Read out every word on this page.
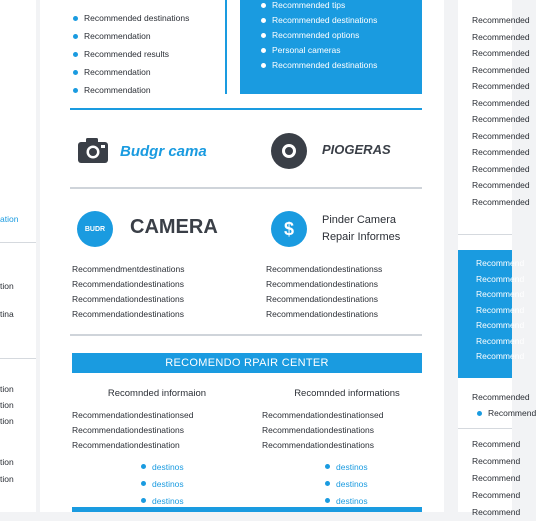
ation
tion
tina
tion
tion
tion
tion
tion
Recommended destinations
Recommendation
Recommended results
Recommendation
Recommendation
Recommended tips
Recommended destinations
Recommended options
Personal cameras
Recommended destinations
Budgr cama	PIOGERAS
BUDR CAMERA	$	Pinder Camera
Repair Informes
Recommendmentdestinations
Recommendationdestinations
Recommendationdestinations
Recommendationdestinations
Recommendationdestinationss
Recommendationdestinations
Recommendationdestinations
Recommendationdestinations
RECOMENDO RPAIR CENTER
Recomnded informaion
Recommendationdestinationsed
Recommendationdestinations
Recommendationdestination
destinos
destinos
destinos
Recomnded informations
Recommendationdestinationsed
Recommendationdestinations
Recommendationdestinations
destinos
destinos
destinos
Recommended
Recommended
Recommended
Recommended
Recommended
Recommended
Recommended
Recommended
Recommended
Recommended
Recommended
Recommended
Recommend
Recommend
Recommend
Recommend
Recommend
Recommend
Recommend
Recommended
Recommend
Recommend
Recommend
Recommend
Recommend
Recommend
